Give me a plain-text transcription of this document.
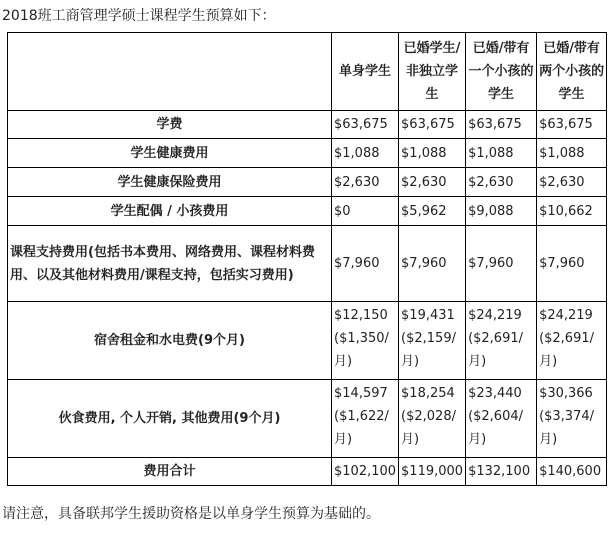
2018班工商管理学硕士课程学生预算如下：
	单身学生	已婚学生/非独立学生	已婚/带有一个小孩的学生	已婚/带有两个小孩的学生
学费	$63,675	$63,675	$63,675	$63,675
学生健康费用	$1,088	$1,088	$1,088	$1,088
学生健康保险费用	$2,630	$2,630	$2,630	$2,630
学生配偶 / 小孩费用	$0	$5,962	$9,088	$10,662
课程支持费用(包括书本费用、网络费用、课程材料费用、以及其他材料费用/课程支持，包括实习费用)	$7,960	$7,960	$7,960	$7,960
宿舍租金和水电费(9个月)	$12,150 ($1,350/月)	$19,431 ($2,159/月)	$24,219 ($2,691/月)	$24,219 ($2,691/月)
伙食费用, 个人开销, 其他费用(9个月)	$14,597 ($1,622/月)	$18,254 ($2,028/月)	$23,440 ($2,604/月)	$30,366 ($3,374/月)
费用合计	$102,100	$119,000	$132,100	$140,600
请注意，具备联邦学生援助资格是以单身学生预算为基础的。
